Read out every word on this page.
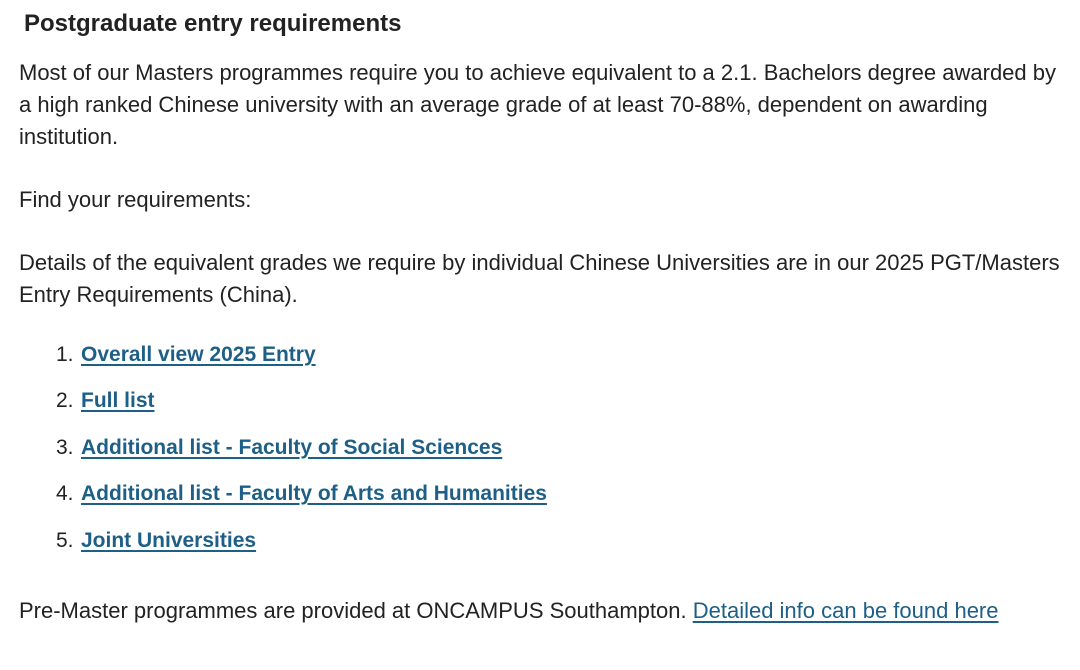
Postgraduate entry requirements

Most of our Masters programmes require you to achieve equivalent to a 2.1. Bachelors degree awarded by a high ranked Chinese university with an average grade of at least 70-88%, dependent on awarding institution.

Find your requirements:

Details of the equivalent grades we require by individual Chinese Universities are in our 2025 PGT/Masters Entry Requirements (China).

1. Overall view 2025 Entry
2. Full list
3. Additional list - Faculty of Social Sciences
4. Additional list - Faculty of Arts and Humanities
5. Joint Universities

Pre-Master programmes are provided at ONCAMPUS Southampton. Detailed info can be found here
